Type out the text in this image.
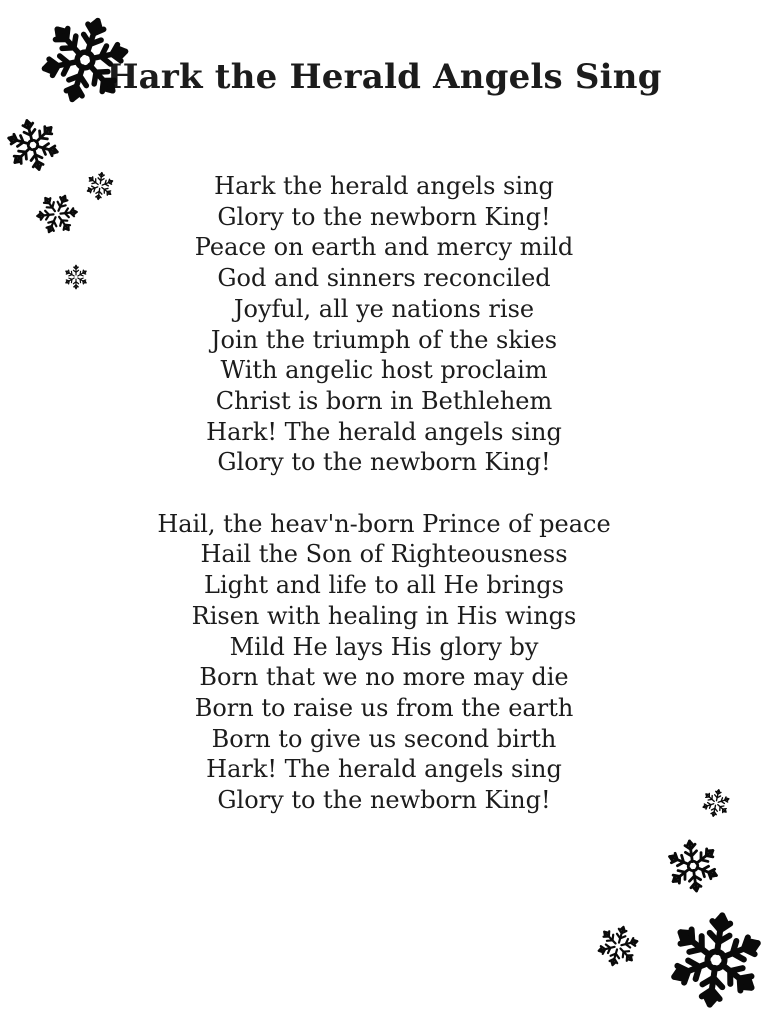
Hark the Herald Angels Sing
Hark the herald angels sing
Glory to the newborn King!
Peace on earth and mercy mild
God and sinners reconciled
Joyful, all ye nations rise
Join the triumph of the skies
With angelic host proclaim
Christ is born in Bethlehem
Hark! The herald angels sing
Glory to the newborn King!
Hail, the heav'n-born Prince of peace
Hail the Son of Righteousness
Light and life to all He brings
Risen with healing in His wings
Mild He lays His glory by
Born that we no more may die
Born to raise us from the earth
Born to give us second birth
Hark! The herald angels sing
Glory to the newborn King!
